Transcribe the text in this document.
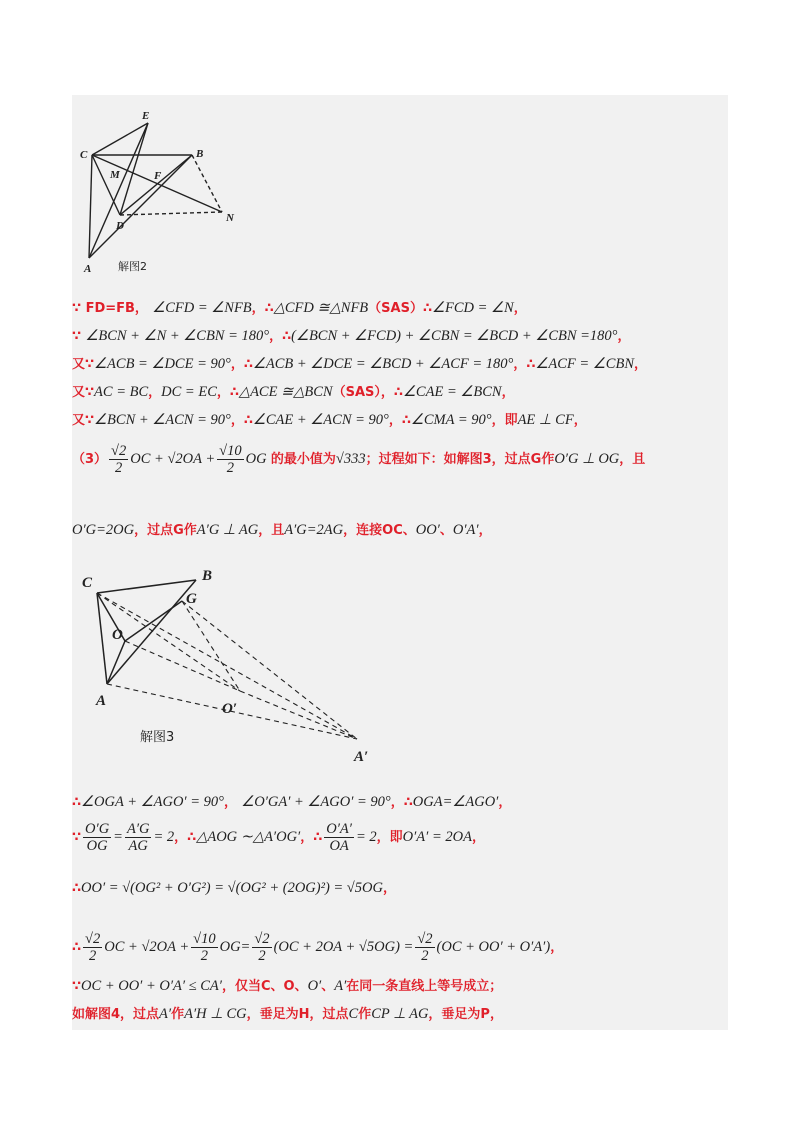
E
C	B
M	F
D
N
A 解图2
∵ FD=FB， ∠CFD = ∠NFB，∴△CFD ≅△NFB（SAS）∴∠FCD = ∠N，
∵ ∠BCN + ∠N + ∠CBN = 180°，∴(∠BCN + ∠FCD) + ∠CBN = ∠BCD + ∠CBN =180°，
又∵∠ACB = ∠DCE = 90°，∴∠ACB + ∠DCE = ∠BCD + ∠ACF = 180°，∴∠ACF = ∠CBN，
又∵AC = BC，DC = EC，∴△ACE ≅△BCN（SAS），∴∠CAE = ∠BCN，
又∵∠BCN + ∠ACN = 90°，∴∠CAE + ∠ACN = 90°，∴∠CMA = 90°，即AE ⊥ CF，
$(3) \frac{√2}{2}$ OC + $√2OA + \frac{√10}{2}$ OG 的最小值为√333；过程如下：如解图3，过点G作O′G ⊥ OG，且
O′G=2OG，过点G作A′G ⊥ AG，且A′G=2AG，连接OC、OO′、O′A′，
C	B
G
O
A	O′
A′
解图3
∴∠OGA + ∠AGO′ = 90°， ∠O′GA′ + ∠AGO′ = 90°，∴OGA=∠AGO′，
∵ $\frac{O'G}{OG} = \frac{A'G}{AG} = 2$，∴△AOG ∼△A′OG′，∴ $\frac{O'A'}{OA} = 2$，即O′A′ = 2OA，
∴OO′ = √(OG² + O′G²) = √(OG² + (2OG)²) = √5OG，
∴ $\frac{√2}{2}$ OC + $√2OA + \frac{√10}{2} OG= \frac{√2}{2} (OC + 2OA + √5OG) = \frac{√2}{2} (OC + OO' + O'A')$，
∵OC + OO′ + O′A′ ≤ CA′，仅当C、O、O′、A′在同一条直线上等号成立；
如解图4，过点A′作A′H ⊥ CG，垂足为H，过点C作CP ⊥ AG，垂足为P，
